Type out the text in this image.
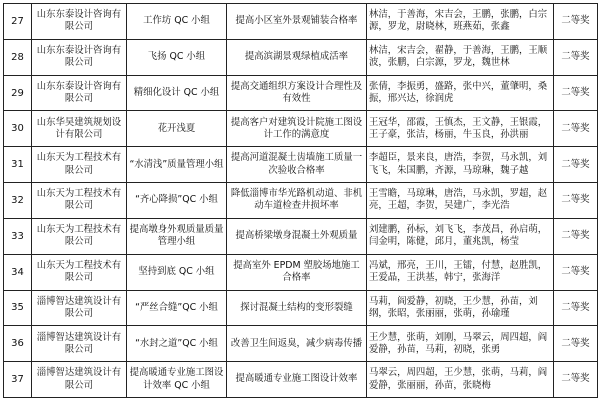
27	山东东泰设计咨询有限公司	工作坊 QC 小组	提高小区室外景观铺装合格率	林洁，于善海，宋吉会，王鹏，张鹏，白宗源，罗龙，尉晓林，班燕茹，张鑫	二等奖
28	山东东泰设计咨询有限公司	飞扬 QC 小组	提高滨湖景观绿植成活率	林洁，宋吉会，翟静，于善海，王鹏，王顺波，张鹏，白宗源，罗龙，魏世林	二等奖
29	山东东泰设计咨询有限公司	精细化设计 QC 小组	提高交通组织方案设计合理性及有效性	张倩，李振勇，盛路，张中兴，董肇明，桑振，邢兴达，徐润虎	二等奖
30	山东华昊建筑规划设计有限公司	花开浅夏	提高客户对建筑设计院施工图设计工作的满意度	王冠华，邵霞，王慎杰，王文静，王银霞，王子豪，张洁，杨丽，牛玉良，孙洪丽	二等奖
31	山东天为工程技术有限公司	“水清浅”质量管理小组	提高河道混凝土齿墙施工质量一次验收合格率	李超臣，景来良，唐浩，李贺，马永凯，刘飞飞，朱国鹏，齐源，马琼琳，魏子越	二等奖
32	山东天为工程技术有限公司	“齐心降损”QC 小组	降低淄博市华光路机动道、非机动车道检查井损坏率	王雪瞻，马琼琳，唐浩，马永凯，罗超，赵亮，王超，李贺，吴建广，李光浩	二等奖
33	山东天为工程技术有限公司	提高墩身外观质量质量管理小组	提高桥梁墩身混凝土外观质量	刘建鹏，孙标，刘飞飞，李茂昌，孙启萌，闫金明，陈健，邱月，董兆凯，杨莹	二等奖
34	山东天为工程技术有限公司	坚持到底 QC 小组	提高室外 EPDM 塑胶场地施工合格率	冯斌，邢亮，王川，王镭，付慧，赵胜凯，王爱晶，王洪基，韩宁，张海洋	二等奖
35	淄博智达建筑设计有限公司	“严丝合缝”QC 小组	探讨混凝土结构的变形裂缝	马莉，阎爱静，初晓，王少慧，孙苗，刘纲，张昭，张丽丽，张萌，孙瑜瑾	二等奖
36	淄博智达建筑设计有限公司	“水封之道”QC 小组	改善卫生间返臭，减少病毒传播	王少慧，张萌，刘刚，马翠云，周四超，阎爱静，孙苗，马莉，初晓，张勇	二等奖
37	淄博智达建筑设计有限公司	提高暖通专业施工图设计效率 QC 小组	提高暖通专业施工图设计效率	马翠云，周四超，王少慧，张萌，马莉，阎爱静，张丽丽，孙苗，张晓梅	二等奖
